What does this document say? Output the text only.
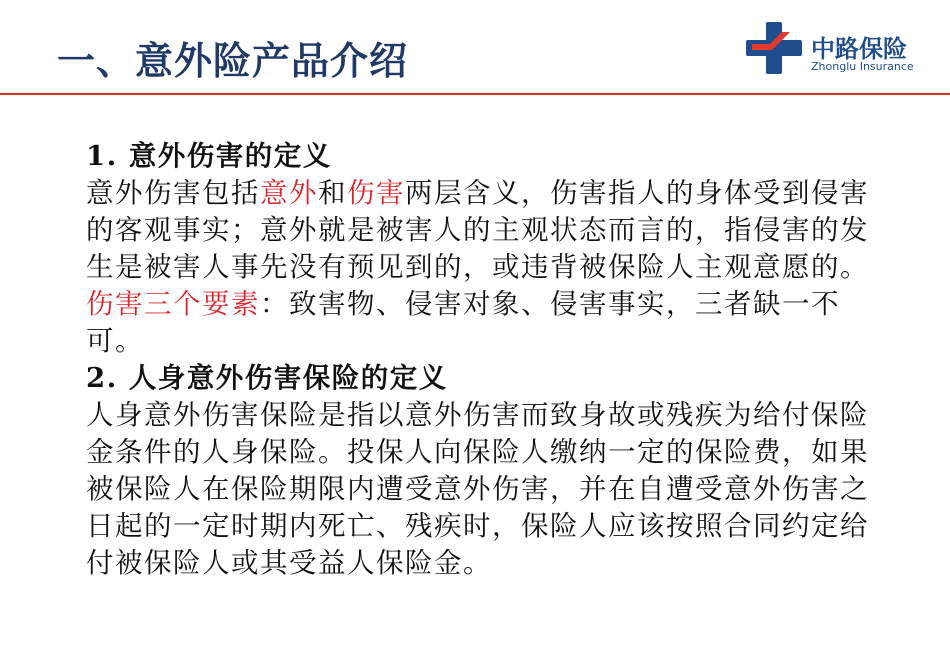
一、意外险产品介绍	中路保险
Zhonglu Insurance

1. 意外伤害的定义

意外伤害包括意外和伤害两层含义，伤害指人的身体受到侵害的客观事实；意外就是被害人的主观状态而言的，指侵害的发生是被害人事先没有预见到的，或违背被保险人主观意愿的。

伤害三个要素：致害物、侵害对象、侵害事实，三者缺一不可。

2. 人身意外伤害保险的定义

人身意外伤害保险是指以意外伤害而致身故或残疾为给付保险金条件的人身保险。投保人向保险人缴纳一定的保险费，如果被保险人在保险期限内遭受意外伤害，并在自遭受意外伤害之日起的一定时期内死亡、残疾时，保险人应该按照合同约定给付被保险人或其受益人保险金。
